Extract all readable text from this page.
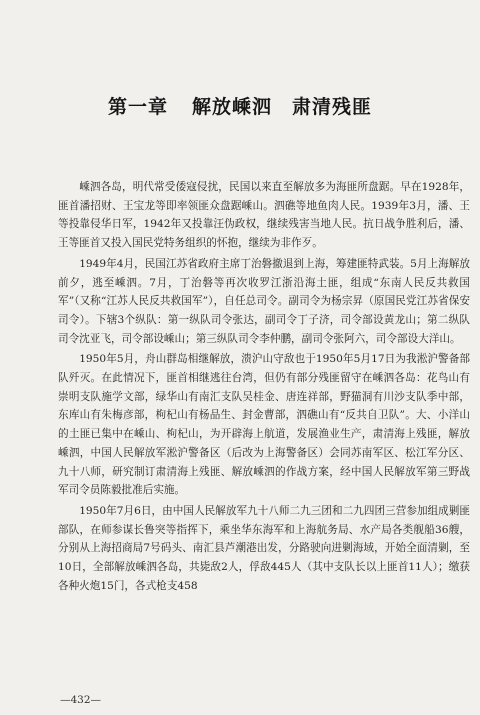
第一章 解放嵊泗　肃清残匪

嵊泗各岛，明代常受倭寇侵扰，民国以来直至解放多为海匪所盘踞。早在1928年，匪首潘招财、王宝龙等即率领匪众盘踞嵊山。泗礁等地鱼肉人民。1939年3月，潘、王等投靠侵华日军，1942年又投靠汪伪政权，继续残害当地人民。抗日战争胜利后，潘、王等匪首又投入国民党特务组织的怀抱，继续为非作歹。

1949年4月，民国江苏省政府主席丁治磐撤退到上海，筹建匪特武装。5月上海解放前夕，逃至嵊泗。7月，丁治磐等再次收罗江浙沿海土匪，组成“东南人民反共救国军”（又称“江苏人民反共救国军”），自任总司令。副司令为杨宗昇（原国民党江苏省保安司令）。下辖3个纵队：第一纵队司令张达，副司令丁子济，司令部设黄龙山；第二纵队司令沈亚飞，司令部设嵊山；第三纵队司令李仲鹏，副司令张阿六，司令部设大洋山。

1950年5月，舟山群岛相继解放，溃沪山守敌也于1950年5月17日为我淞沪警备部队歼灭。在此情况下，匪首相继逃往台湾，但仍有部分残匪留守在嵊泗各岛：花鸟山有崇明支队施学文部，绿华山有南汇支队吴桂金、唐连祥部，野猫洞有川沙支队季中部，东库山有朱梅彦部，枸杞山有杨品生、封金曹部，泗礁山有“反共自卫队”。大、小洋山的土匪已集中在嵊山、枸杞山，为开辟海上航道，发展渔业生产，肃清海上残匪，解放嵊泗，中国人民解放军淞沪警备区（后改为上海警备区）会同苏南军区、松江军分区、九十八师，研究制订肃清海上残匪、解放嵊泗的作战方案，经中国人民解放军第三野战军司令员陈毅批准后实施。

1950年7月6日，由中国人民解放军九十八师二九三团和二九四团三营参加组成剿匪部队，在师参谋长鲁突等指挥下，乘坐华东海军和上海航务局、水产局各类舰船36艘，分别从上海招商局7号码头、南汇县芦潮港出发，分路驶向进剿海域，开始全面清剿，至10日，全部解放嵊泗各岛，共毙敌2人，俘敌445人（其中支队长以上匪首11人）；缴获各种火炮15门，各式枪支458

—432—
